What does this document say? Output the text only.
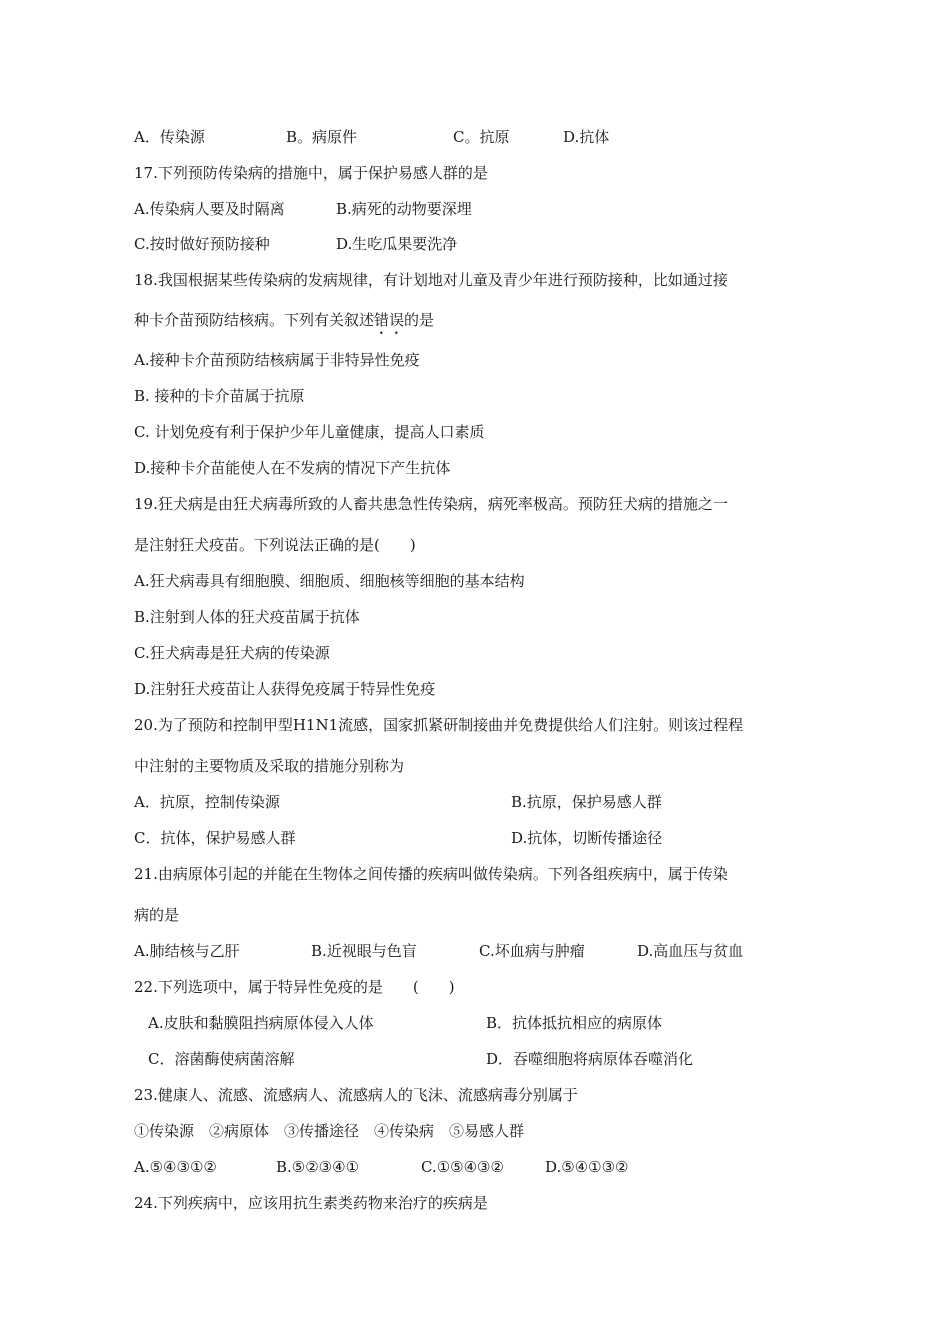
A．传染源	B。病原件	C。抗原	D.抗体
17.下列预防传染病的措施中，属于保护易感人群的是
A.传染病人要及时隔离	B.病死的动物要深埋
C.按时做好预防接种	D.生吃瓜果要洗净
18.我国根据某些传染病的发病规律，有计划地对儿童及青少年进行预防接种，比如通过接
种卡介苗预防结核病。下列有关叙述错误的是
A.接种卡介苗预防结核病属于非特异性免疫
B. 接种的卡介苗属于抗原
C. 计划免疫有利于保护少年儿童健康，提高人口素质
D.接种卡介苗能使人在不发病的情况下产生抗体
19.狂犬病是由狂犬病毒所致的人畜共患急性传染病，病死率极高。预防狂犬病的措施之一
是注射狂犬疫苗。下列说法正确的是(　　)
A.狂犬病毒具有细胞膜、细胞质、细胞核等细胞的基本结构
B.注射到人体的狂犬疫苗属于抗体
C.狂犬病毒是狂犬病的传染源
D.注射狂犬疫苗让人获得免疫属于特异性免疫
20.为了预防和控制甲型H1N1流感，国家抓紧研制接曲并免费提供给人们注射。则该过程程
中注射的主要物质及采取的措施分别称为
A．抗原，控制传染源	B.抗原，保护易感人群
C．抗体，保护易感人群	D.抗体，切断传播途径
21.由病原体引起的并能在生物体之间传播的疾病叫做传染病。下列各组疾病中，属于传染
病的是
A.肺结核与乙肝	B.近视眼与色盲	C.坏血病与肿瘤	D.高血压与贫血
22.下列选项中，属于特异性免疫的是　　(　　)
A.皮肤和黏膜阻挡病原体侵入人体	B．抗体抵抗相应的病原体
C．溶菌酶使病菌溶解	D．吞噬细胞将病原体吞噬消化
23.健康人、流感、流感病人、流感病人的飞沫、流感病毒分别属于
①传染源　②病原体　③传播途径　④传染病　⑤易感人群
A.⑤④③①②	B.⑤②③④①	C.①⑤④③②	D.⑤④①③②
24.下列疾病中，应该用抗生素类药物来治疗的疾病是
